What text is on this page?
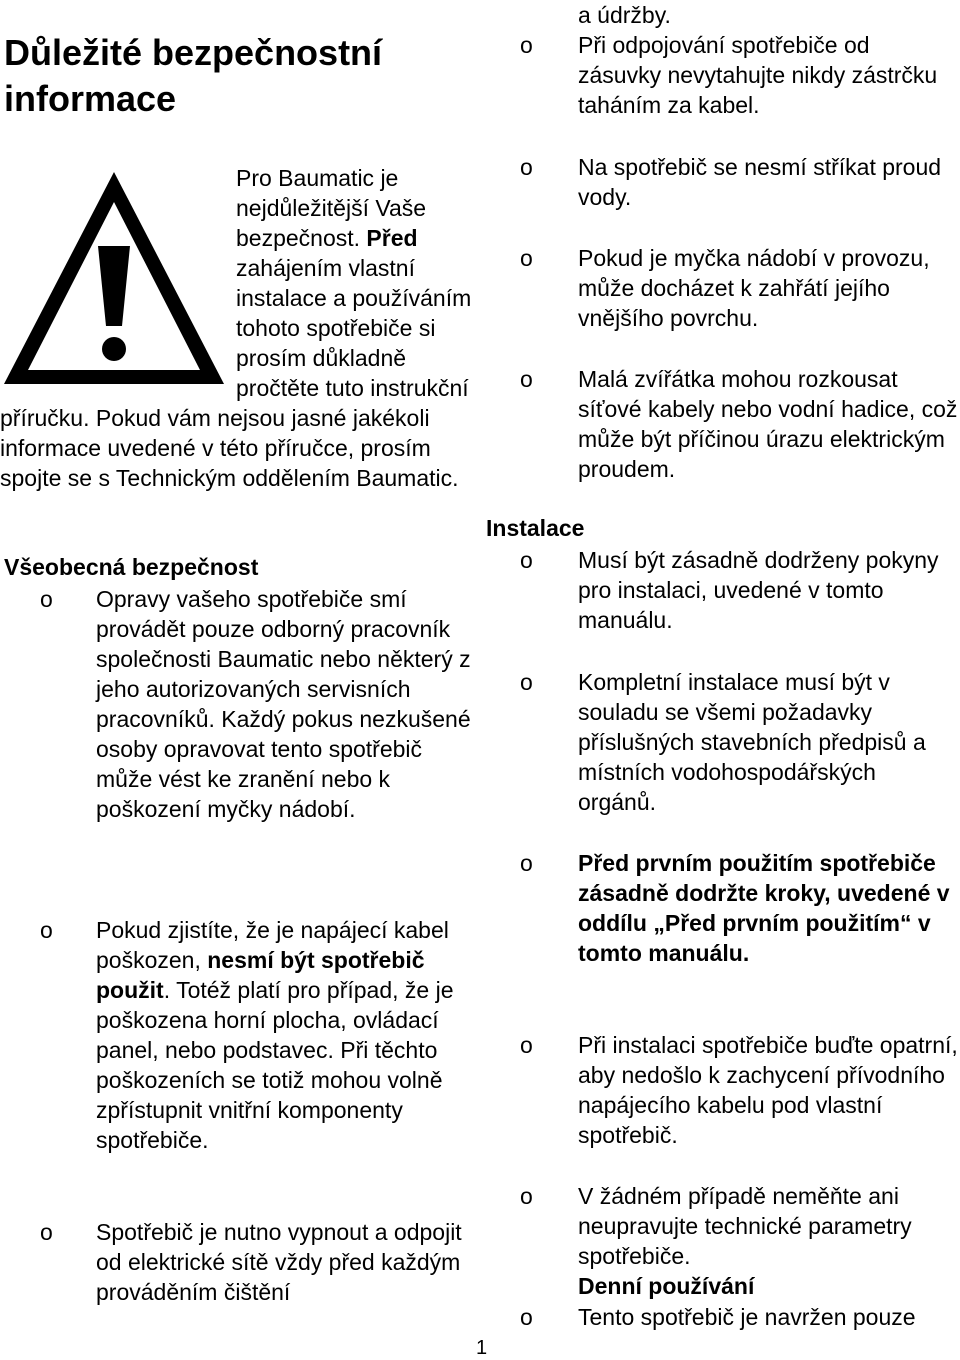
Důležité bezpečnostní informace

Pro Baumatic je nejdůležitější Vaše bezpečnost. Před zahájením vlastní instalace a používáním tohoto spotřebiče si prosím důkladně pročtěte tuto instrukční příručku. Pokud vám nejsou jasné jakékoli informace uvedené v této příručce, prosím spojte se s Technickým oddělením Baumatic.

Všeobecná bezpečnost
o Opravy vašeho spotřebiče smí provádět pouze odborný pracovník společnosti Baumatic nebo některý z jeho autorizovaných servisních pracovníků. Každý pokus nezkušené osoby opravovat tento spotřebič může vést ke zranění nebo k poškození myčky nádobí.

o Pokud zjistíte, že je napájecí kabel poškozen, nesmí být spotřebič použit. Totéž platí pro případ, že je poškozena horní plocha, ovládací panel, nebo podstavec. Při těchto poškozeních se totiž mohou volně zpřístupnit vnitřní komponenty spotřebiče.

o Spotřebič je nutno vypnout a odpojit od elektrické sítě vždy před každým prováděním čištění

1

a údržby.

o Při odpojování spotřebiče od zásuvky nevytahujte nikdy zástrčku taháním za kabel.

o Na spotřebič se nesmí stříkat proud vody.

o Pokud je myčka nádobí v provozu, může docházet k zahřátí jejího vnějšího povrchu.

o Malá zvířátka mohou rozkousat síťové kabely nebo vodní hadice, což může být příčinou úrazu elektrickým proudem.

Instalace
o Musí být zásadně dodrženy pokyny pro instalaci, uvedené v tomto manuálu.

o Kompletní instalace musí být v souladu se všemi požadavky příslušných stavebních předpisů a místních vodohospodářských orgánů.

o Před prvním použitím spotřebiče zásadně dodržte kroky, uvedené v oddílu „Před prvním použitím“ v tomto manuálu.

o Při instalaci spotřebiče buďte opatrní, aby nedošlo k zachycení přívodního napájecího kabelu pod vlastní spotřebič.

o V žádném případě neměňte ani neupravujte technické parametry spotřebiče.

Denní používání
o Tento spotřebič je navržen pouze
